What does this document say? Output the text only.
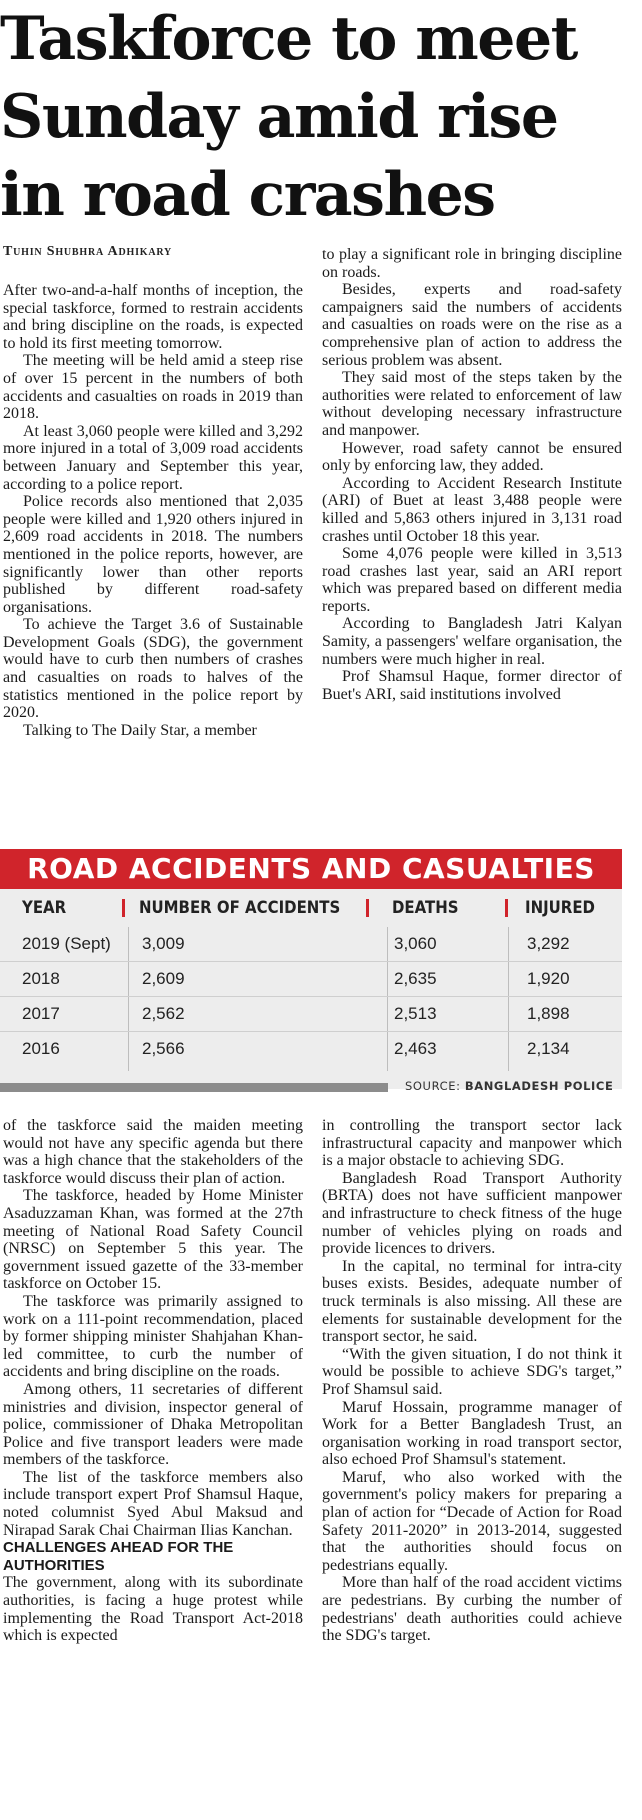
Taskforce to meet
Sunday amid rise
in road crashes
Tuhin Shubhra Adhikary

After two-and-a-half months of inception, the special taskforce, formed to restrain accidents and bring discipline on the roads, is expected to hold its first meeting tomorrow.

The meeting will be held amid a steep rise of over 15 percent in the numbers of both accidents and casualties on roads in 2019 than 2018.

At least 3,060 people were killed and 3,292 more injured in a total of 3,009 road accidents between January and September this year, according to a police report.

Police records also mentioned that 2,035 people were killed and 1,920 others injured in 2,609 road accidents in 2018. The numbers mentioned in the police reports, however, are significantly lower than other reports published by different road-safety organisations.

To achieve the Target 3.6 of Sustainable Development Goals (SDG), the government would have to curb then numbers of crashes and casualties on roads to halves of the statistics mentioned in the police report by 2020.

Talking to The Daily Star, a member

to play a significant role in bringing discipline on roads.

Besides, experts and road-safety campaigners said the numbers of accidents and casualties on roads were on the rise as a comprehensive plan of action to address the serious problem was absent.

They said most of the steps taken by the authorities were related to enforcement of law without developing necessary infrastructure and manpower.

However, road safety cannot be ensured only by enforcing law, they added.

According to Accident Research Institute (ARI) of Buet at least 3,488 people were killed and 5,863 others injured in 3,131 road crashes until October 18 this year.

Some 4,076 people were killed in 3,513 road crashes last year, said an ARI report which was prepared based on different media reports.

According to Bangladesh Jatri Kalyan Samity, a passengers' welfare organisation, the numbers were much higher in real.

Prof Shamsul Haque, former director of Buet's ARI, said institutions involved

ROAD ACCIDENTS AND CASUALTIES
YEAR	NUMBER OF ACCIDENTS	DEATHS	INJURED
2019 (Sept) 3,009	3,060	3,292
2018	2,609	2,635	1,920
2017	2,562	2,513	1,898
2016	2,566	2,463	2,134
SOURCE: BANGLADESH POLICE

of the taskforce said the maiden meeting would not have any specific agenda but there was a high chance that the stakeholders of the taskforce would discuss their plan of action.

The taskforce, headed by Home Minister Asaduzzaman Khan, was formed at the 27th meeting of National Road Safety Council (NRSC) on September 5 this year. The government issued gazette of the 33-member taskforce on October 15.

The taskforce was primarily assigned to work on a 111-point recommendation, placed by former shipping minister Shahjahan Khan-led committee, to curb the number of accidents and bring discipline on the roads.

Among others, 11 secretaries of different ministries and division, inspector general of police, commissioner of Dhaka Metropolitan Police and five transport leaders were made members of the taskforce.

The list of the taskforce members also include transport expert Prof Shamsul Haque, noted columnist Syed Abul Maksud and Nirapad Sarak Chai Chairman Ilias Kanchan.

CHALLENGES AHEAD FOR THE AUTHORITIES

The government, along with its subordinate authorities, is facing a huge protest while implementing the Road Transport Act-2018 which is expected

in controlling the transport sector lack infrastructural capacity and manpower which is a major obstacle to achieving SDG.

Bangladesh Road Transport Authority (BRTA) does not have sufficient manpower and infrastructure to check fitness of the huge number of vehicles plying on roads and provide licences to drivers.

In the capital, no terminal for intra-city buses exists. Besides, adequate number of truck terminals is also missing. All these are elements for sustainable development for the transport sector, he said.

“With the given situation, I do not think it would be possible to achieve SDG's target,” Prof Shamsul said.

Maruf Hossain, programme manager of Work for a Better Bangladesh Trust, an organisation working in road transport sector, also echoed Prof Shamsul's statement.

Maruf, who also worked with the government's policy makers for preparing a plan of action for “Decade of Action for Road Safety 2011-2020” in 2013-2014, suggested that the authorities should focus on pedestrians equally.

More than half of the road accident victims are pedestrians. By curbing the number of pedestrians' death authorities could achieve the SDG's target.
